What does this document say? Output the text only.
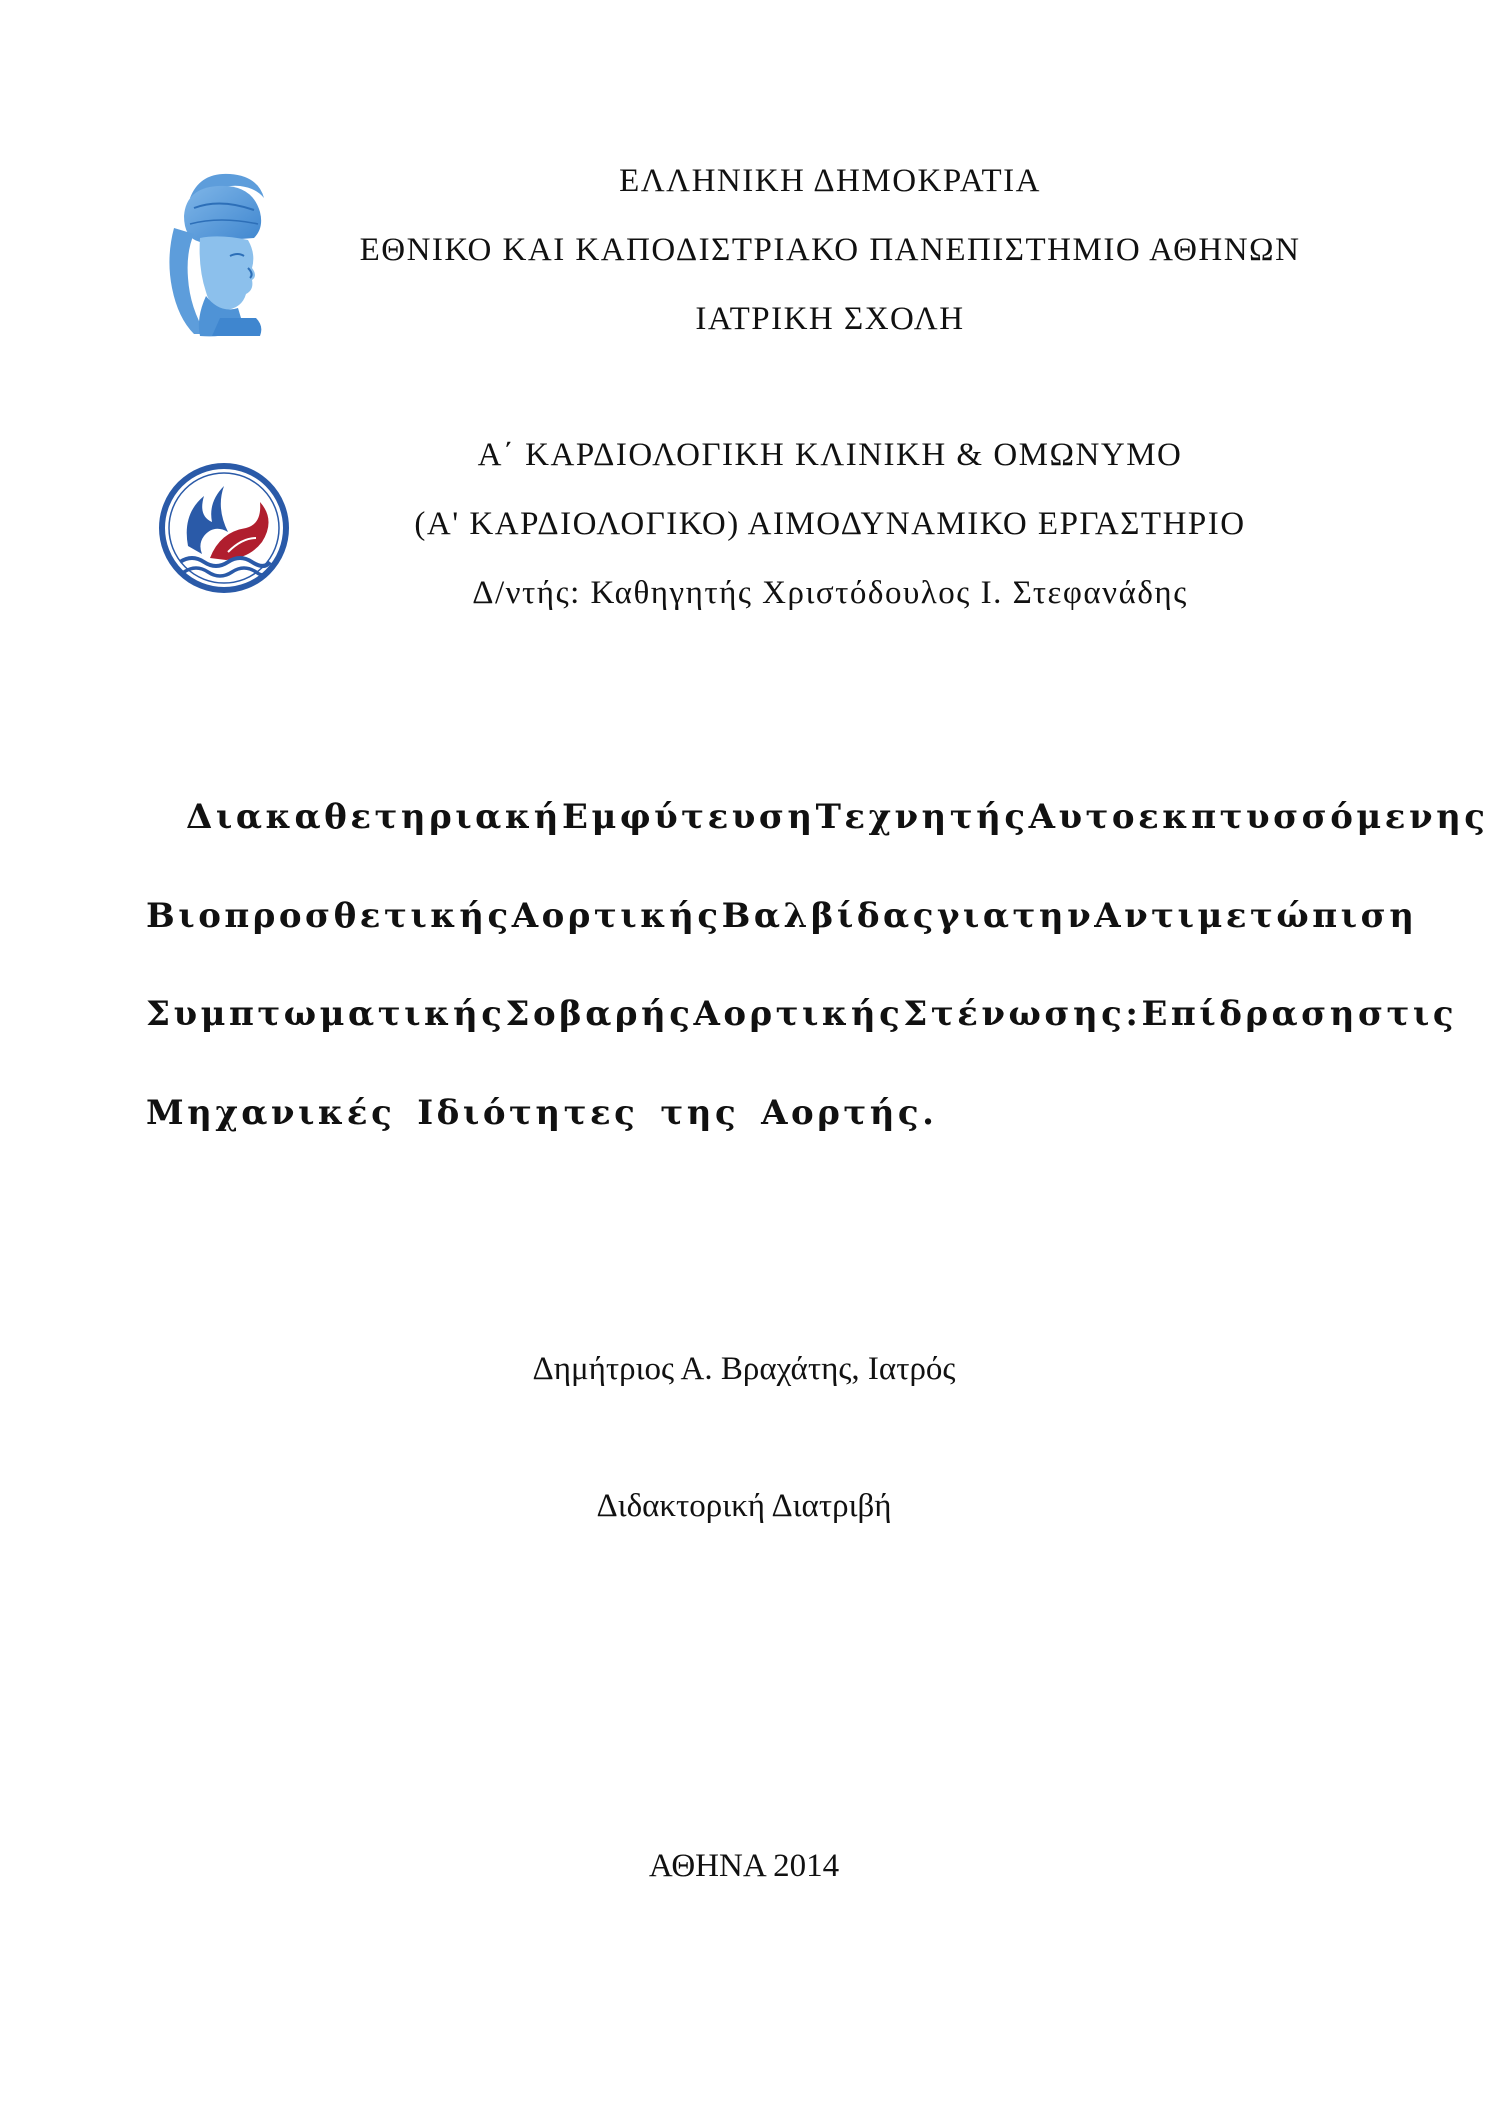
ΕΛΛΗΝΙΚΗ ΔΗΜΟΚΡΑΤΙΑ
ΕΘΝΙΚΟ ΚΑΙ ΚΑΠΟΔΙΣΤΡΙΑΚΟ ΠΑΝΕΠΙΣΤΗΜΙΟ ΑΘΗΝΩΝ
ΙΑΤΡΙΚΗ ΣΧΟΛΗ
Α΄ ΚΑΡΔΙΟΛΟΓΙΚΗ ΚΛΙΝΙΚΗ & ΟΜΩΝΥΜΟ
(Α' ΚΑΡΔΙΟΛΟΓΙΚΟ) ΑΙΜΟΔΥΝΑΜΙΚΟ ΕΡΓΑΣΤΗΡΙΟ
Δ/ντής: Καθηγητής Χριστόδουλος Ι. Στεφανάδης
Διακαθετηριακή Εμφύτευση Τεχνητής Αυτοεκπτυσσόμενης
Βιοπροσθετικής Αορτικής Βαλβίδας για την Αντιμετώπιση
Συμπτωματικής Σοβαρής Αορτικής Στένωσης: Επίδραση στις
Μηχανικές Ιδιότητες της Αορτής.
Δημήτριος Α. Βραχάτης, Ιατρός
Διδακτορική Διατριβή
ΑΘΗΝΑ 2014
